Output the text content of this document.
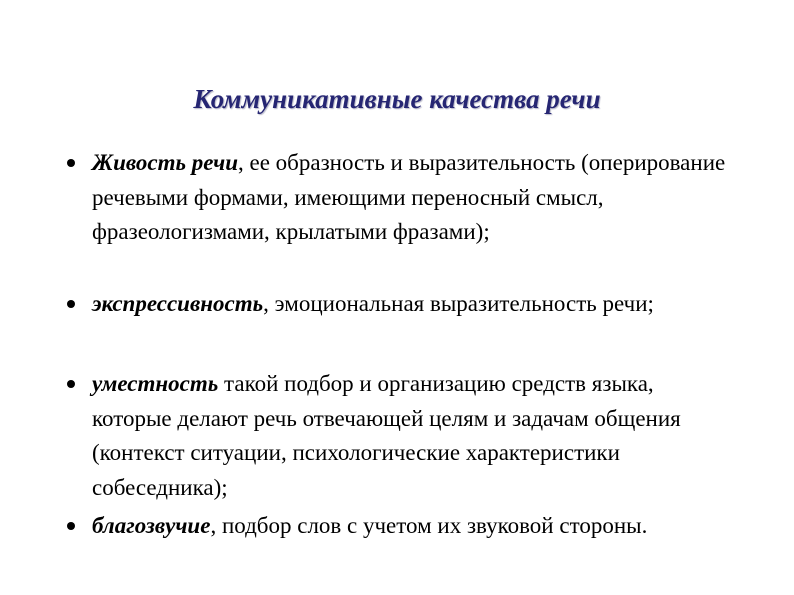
Коммуникативные качества речи
Живость речи, ее образность и выразительность (оперирование речевыми формами, имеющими переносный смысл, фразеологизмами, крылатыми фразами);
экспрессивность, эмоциональная выразительность речи;
уместность такой подбор и организацию средств языка, которые делают речь отвечающей целям и задачам общения (контекст ситуации, психологические характеристики собеседника);
благозвучие, подбор слов с учетом их звуковой стороны.
